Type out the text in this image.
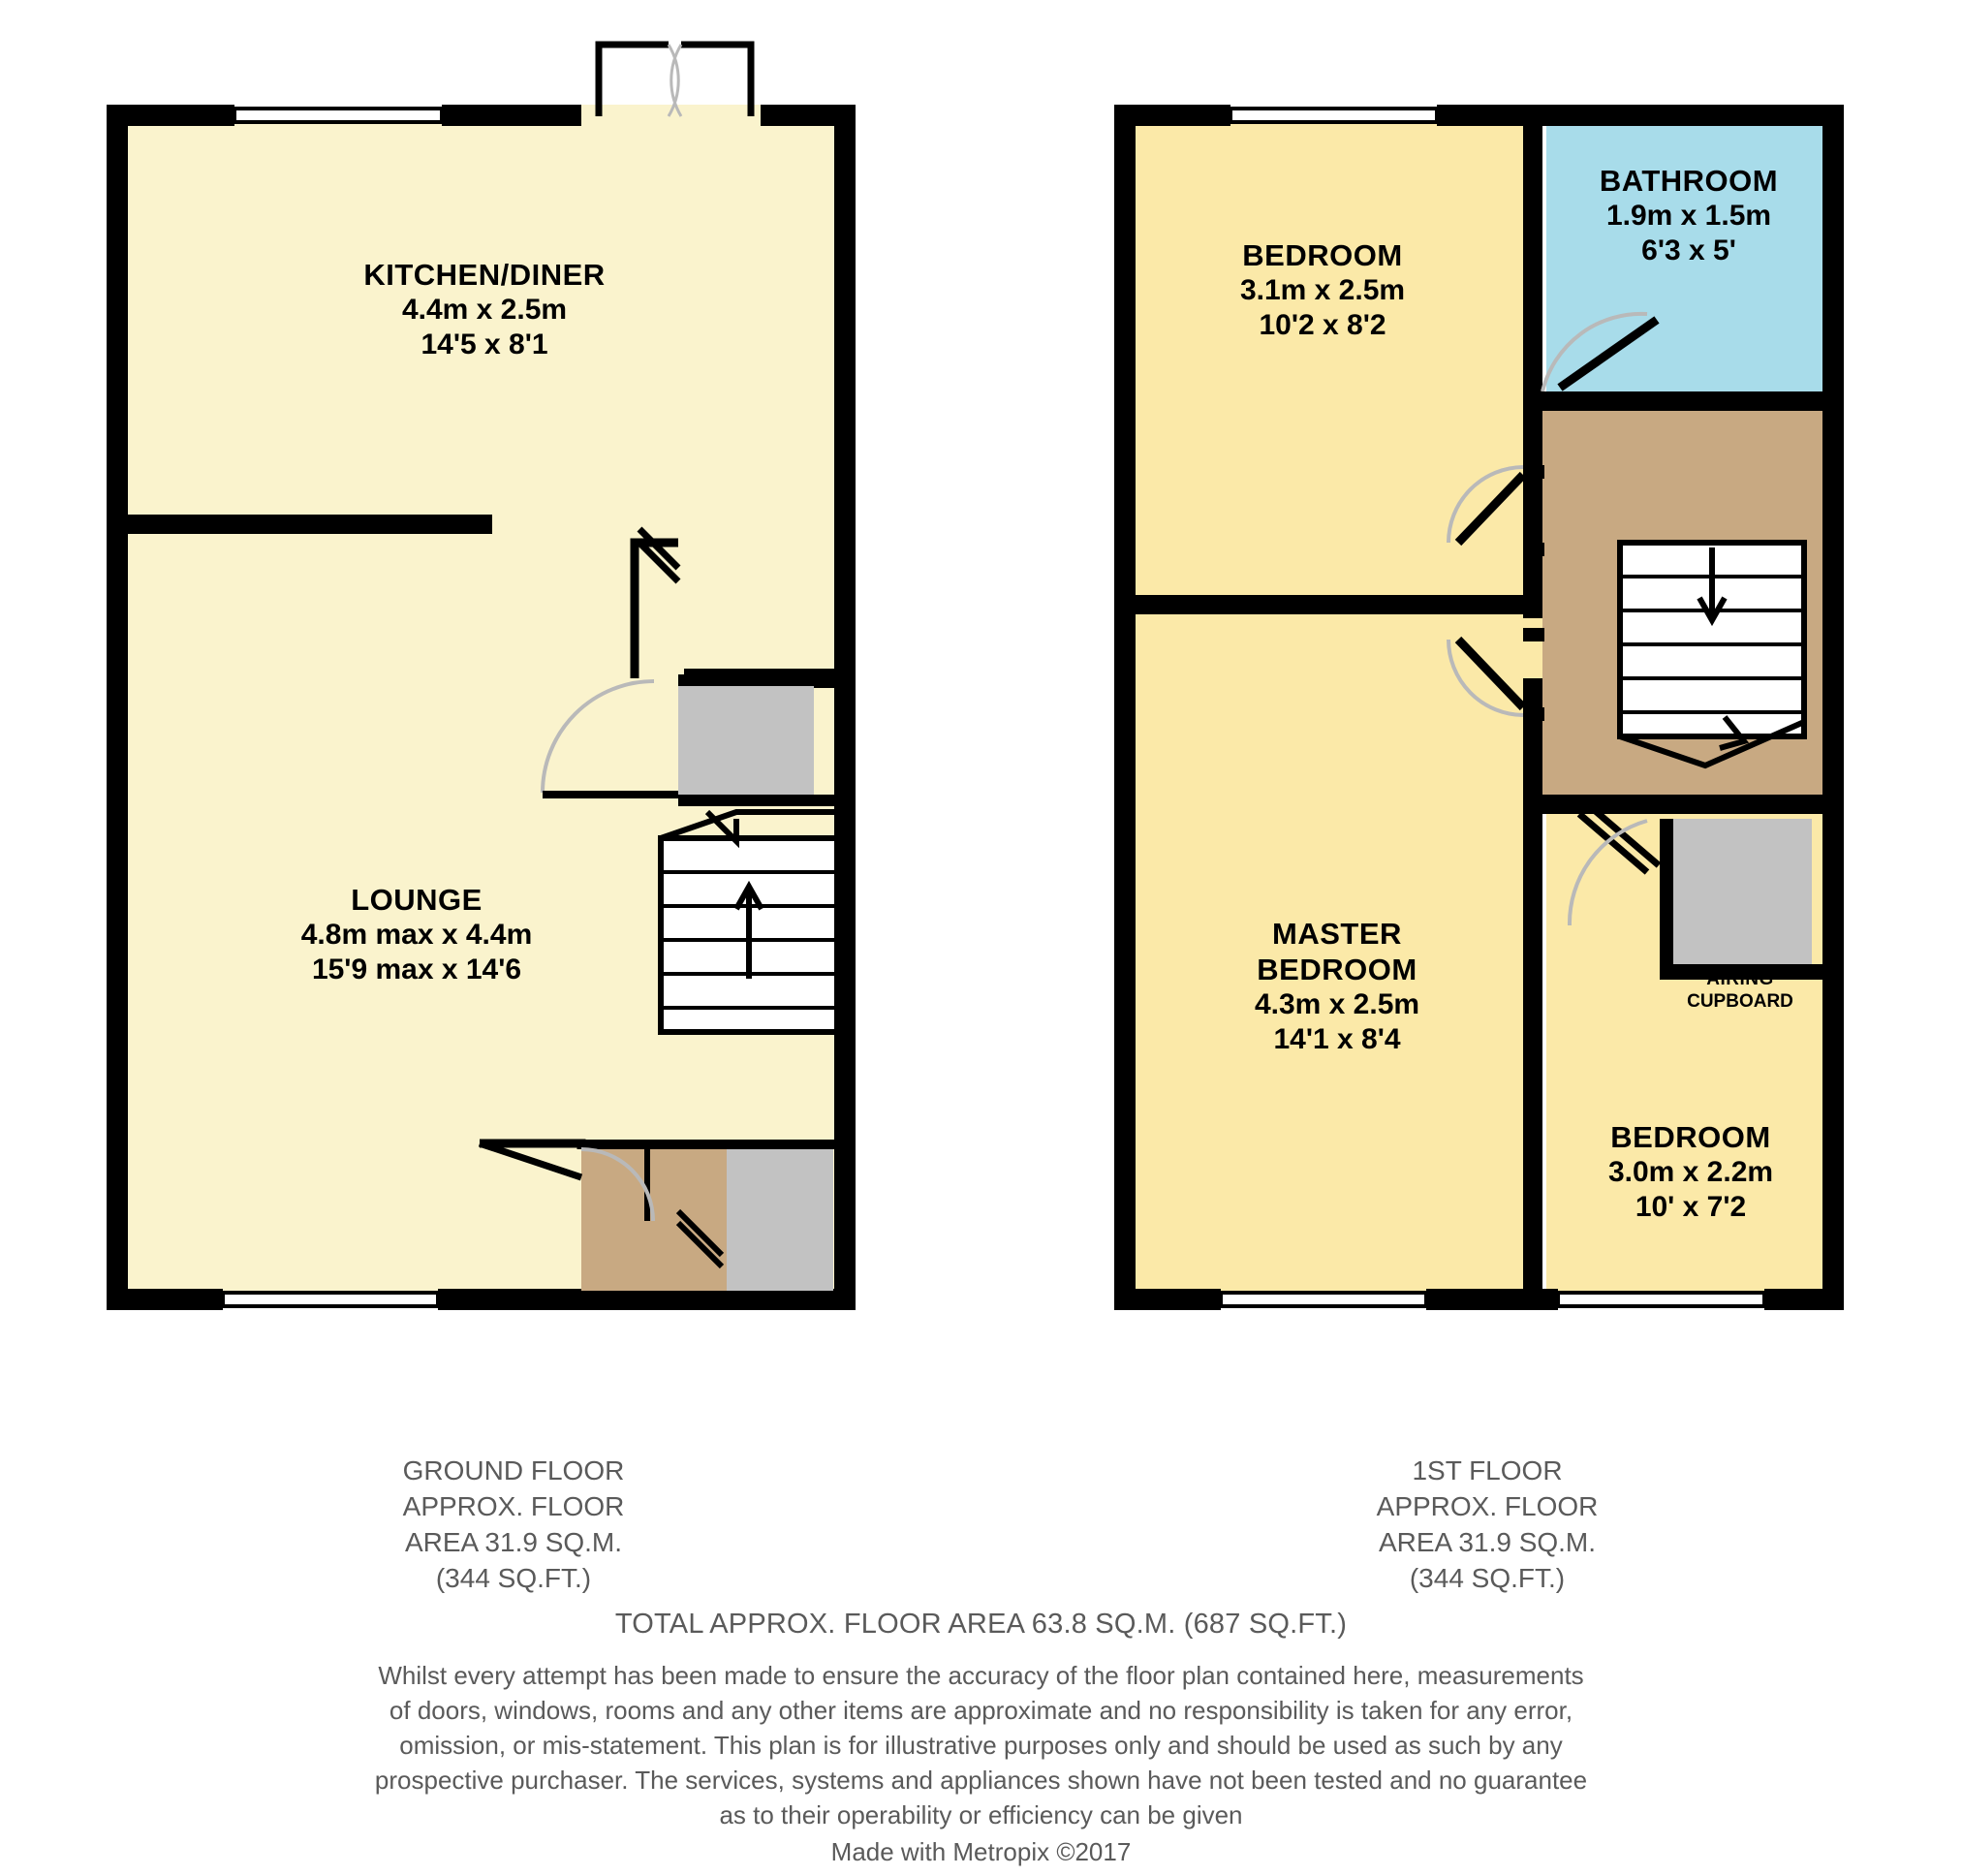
KITCHEN/DINER
4.4m x 2.5m
14'5 x 8'1
LOUNGE
4.8m max x 4.4m
15'9 max x 14'6
BEDROOM
3.1m x 2.5m
10'2 x 8'2
BATHROOM
1.9m x 1.5m
6'3 x 5'
MASTER
BEDROOM
4.3m x 2.5m
14'1 x 8'4
BEDROOM
3.0m x 2.2m
10' x 7'2
AIRING
CUPBOARD
GROUND FLOOR
APPROX. FLOOR
AREA 31.9 SQ.M.
(344 SQ.FT.)
1ST FLOOR
APPROX. FLOOR
AREA 31.9 SQ.M.
(344 SQ.FT.)
TOTAL APPROX. FLOOR AREA 63.8 SQ.M. (687 SQ.FT.)
Whilst every attempt has been made to ensure the accuracy of the floor plan contained here, measurements
of doors, windows, rooms and any other items are approximate and no responsibility is taken for any error,
omission, or mis-statement. This plan is for illustrative purposes only and should be used as such by any
prospective purchaser. The services, systems and appliances shown have not been tested and no guarantee
as to their operability or efficiency can be given
Made with Metropix ©2017
